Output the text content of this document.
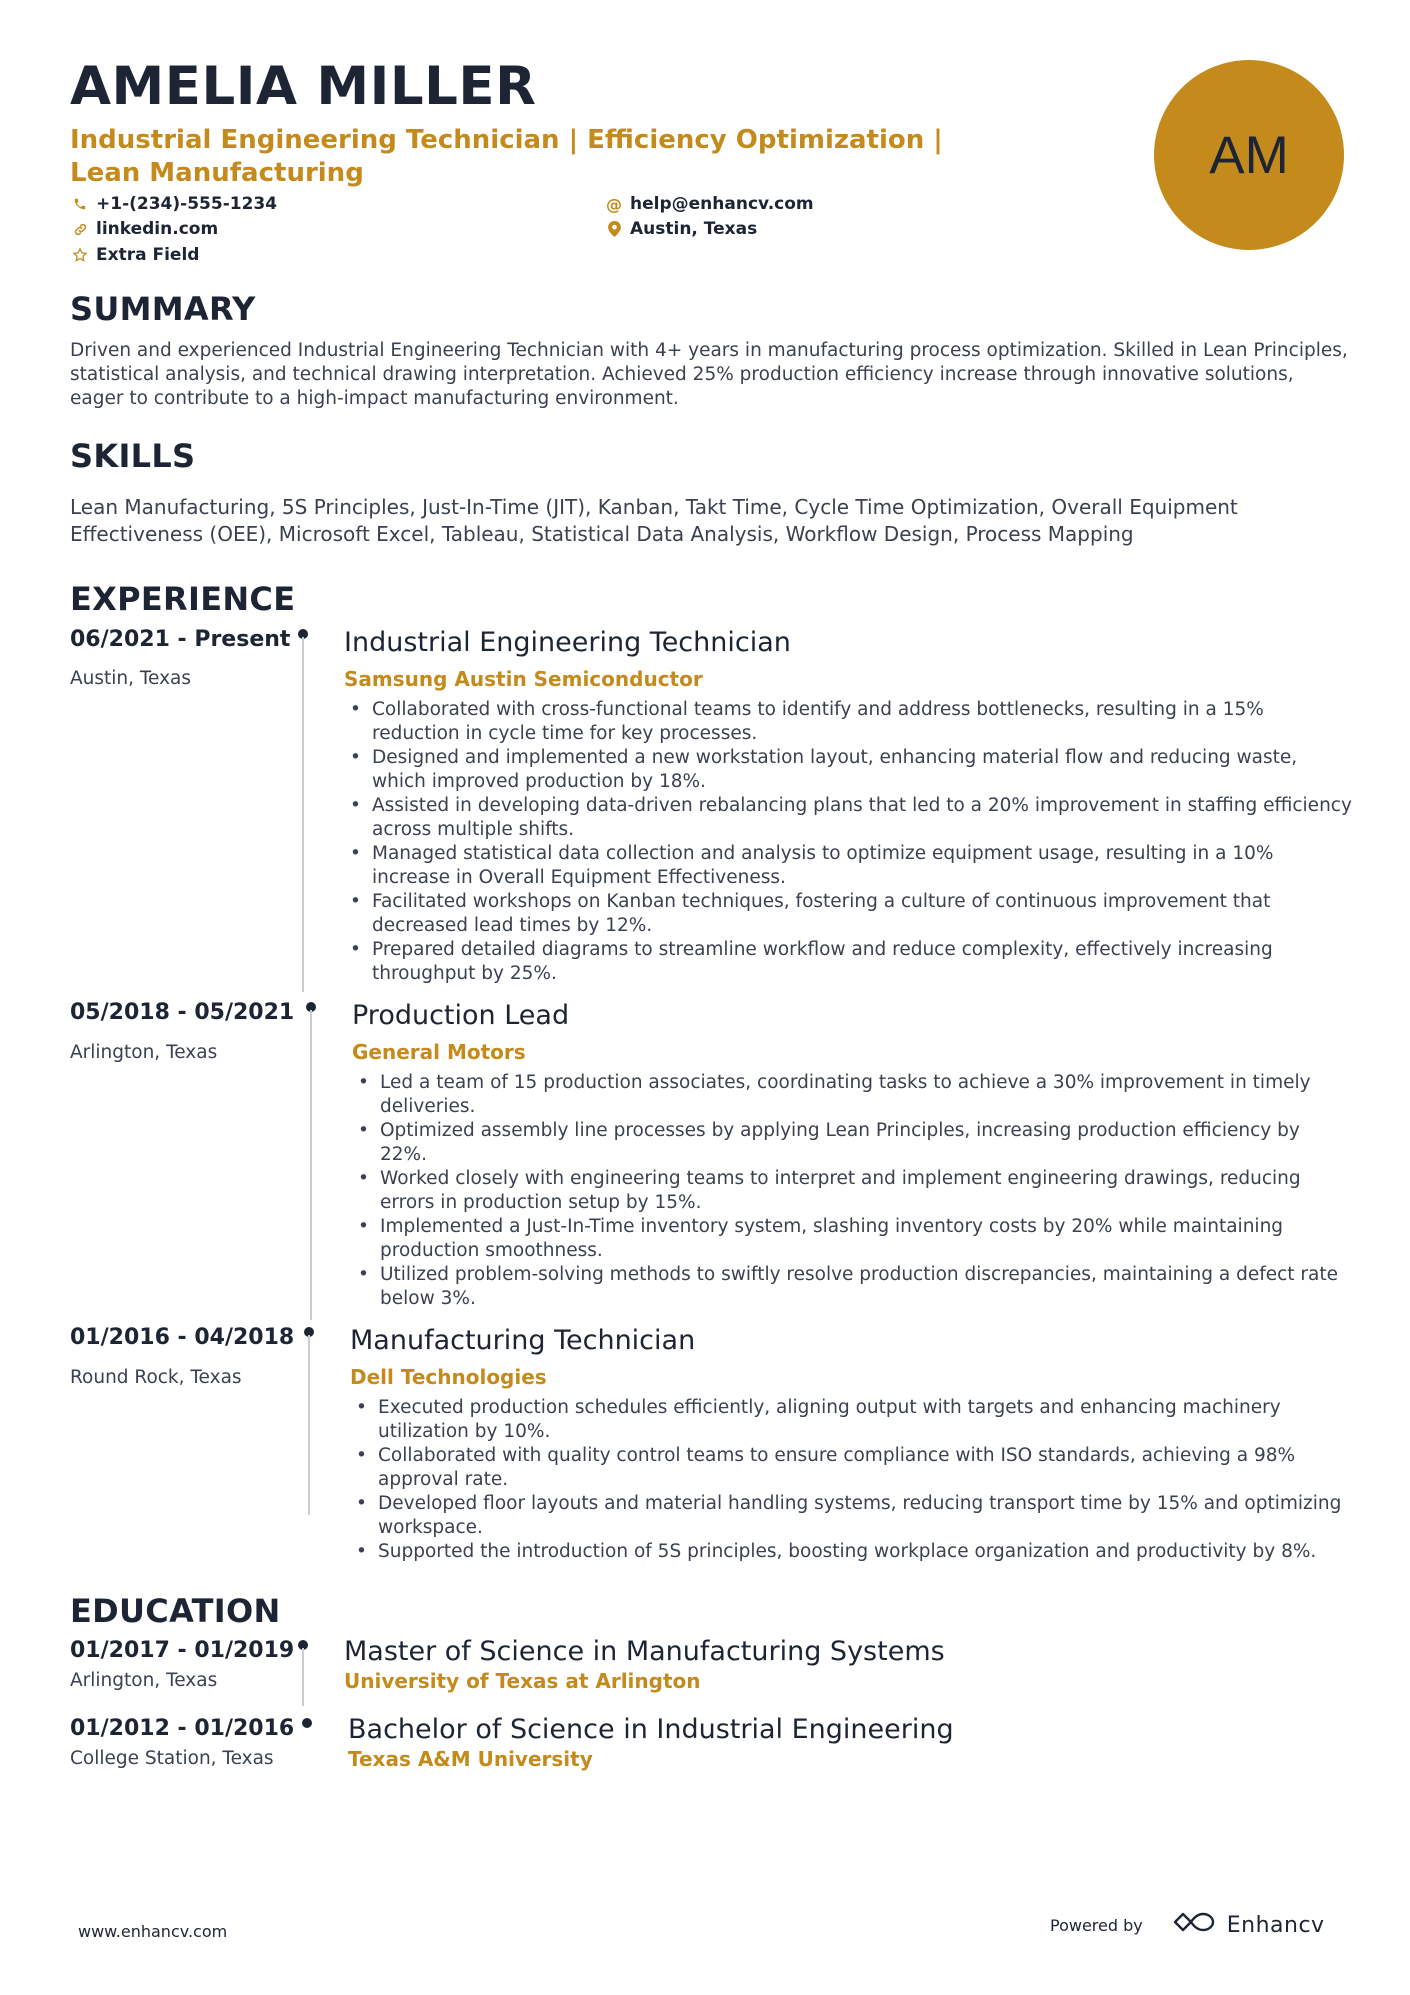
AMELIA MILLER
Industrial Engineering Technician | Efficiency Optimization | Lean Manufacturing
+1-(234)-555-1234
linkedin.com
Extra Field
@ help@enhancv.com
Austin, Texas
AM
SUMMARY
Driven and experienced Industrial Engineering Technician with 4+ years in manufacturing process optimization. Skilled in Lean Principles, statistical analysis, and technical drawing interpretation. Achieved 25% production efficiency increase through innovative solutions, eager to contribute to a high-impact manufacturing environment.
SKILLS
Lean Manufacturing, 5S Principles, Just-In-Time (JIT), Kanban, Takt Time, Cycle Time Optimization, Overall Equipment Effectiveness (OEE), Microsoft Excel, Tableau, Statistical Data Analysis, Workflow Design, Process Mapping
EXPERIENCE
06/2021 - Present
Austin, Texas
Industrial Engineering Technician
Samsung Austin Semiconductor
• Collaborated with cross-functional teams to identify and address bottlenecks, resulting in a 15% reduction in cycle time for key processes.
• Designed and implemented a new workstation layout, enhancing material flow and reducing waste, which improved production by 18%.
• Assisted in developing data-driven rebalancing plans that led to a 20% improvement in staffing efficiency across multiple shifts.
• Managed statistical data collection and analysis to optimize equipment usage, resulting in a 10% increase in Overall Equipment Effectiveness.
• Facilitated workshops on Kanban techniques, fostering a culture of continuous improvement that decreased lead times by 12%.
• Prepared detailed diagrams to streamline workflow and reduce complexity, effectively increasing throughput by 25%.
05/2018 - 05/2021
Arlington, Texas
Production Lead
General Motors
• Led a team of 15 production associates, coordinating tasks to achieve a 30% improvement in timely deliveries.
• Optimized assembly line processes by applying Lean Principles, increasing production efficiency by 22%.
• Worked closely with engineering teams to interpret and implement engineering drawings, reducing errors in production setup by 15%.
• Implemented a Just-In-Time inventory system, slashing inventory costs by 20% while maintaining production smoothness.
• Utilized problem-solving methods to swiftly resolve production discrepancies, maintaining a defect rate below 3%.
01/2016 - 04/2018
Round Rock, Texas
Manufacturing Technician
Dell Technologies
• Executed production schedules efficiently, aligning output with targets and enhancing machinery utilization by 10%.
• Collaborated with quality control teams to ensure compliance with ISO standards, achieving a 98% approval rate.
• Developed floor layouts and material handling systems, reducing transport time by 15% and optimizing workspace.
• Supported the introduction of 5S principles, boosting workplace organization and productivity by 8%.
EDUCATION
01/2017 - 01/2019
Arlington, Texas
Master of Science in Manufacturing Systems
University of Texas at Arlington
01/2012 - 01/2016
College Station, Texas
Bachelor of Science in Industrial Engineering
Texas A&M University
www.enhancv.com	Powered by	Enhancv
